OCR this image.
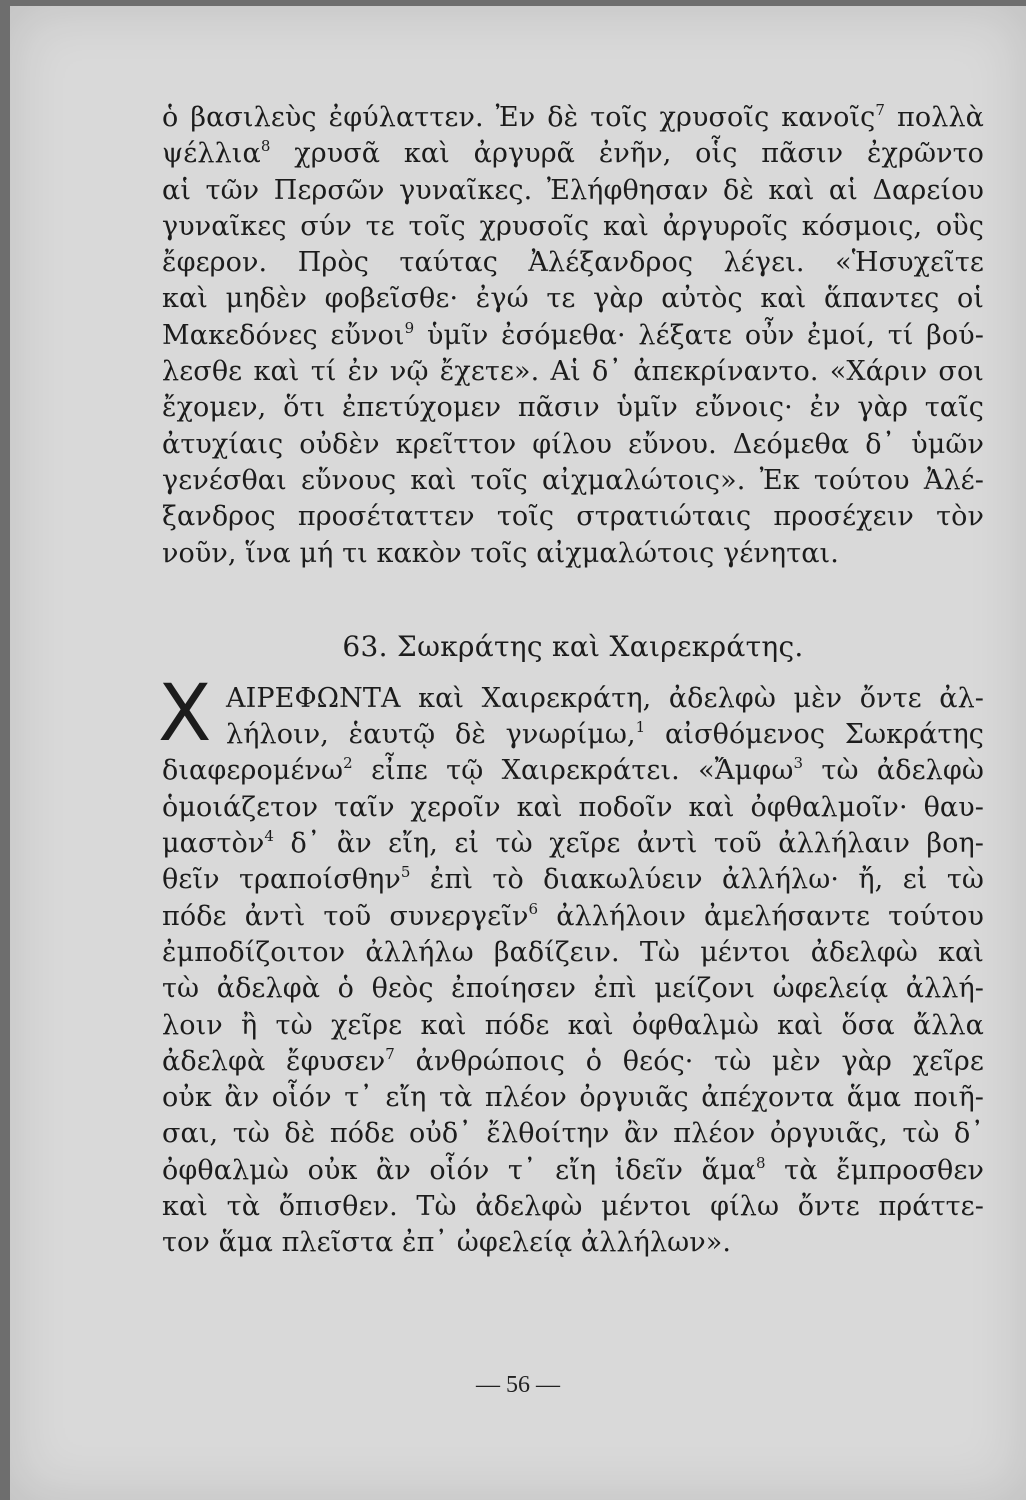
ὁ βασιλεὺς ἐφύλαττεν. Ἐν δὲ τοῖς χρυσοῖς κανοῖς$^7$ πολλὰ
ψέλλια$^8$ χρυσᾶ καὶ ἀργυρᾶ ἐνῆν, οἷς πᾶσιν ἐχρῶντο
αἱ τῶν Περσῶν γυναῖκες. Ἐλήφθησαν δὲ καὶ αἱ Δαρείου
γυναῖκες σύν τε τοῖς χρυσοῖς καὶ ἀργυροῖς κόσμοις, οὓς
ἔφερον. Πρὸς ταύτας Ἀλέξανδρος λέγει. «Ἡσυχεῖτε
καὶ μηδὲν φοβεῖσθε· ἐγώ τε γὰρ αὐτὸς καὶ ἅπαντες οἱ
Μακεδόνες εὔνοι$^9$ ὑμῖν ἐσόμεθα· λέξατε οὖν ἐμοί, τί βού-
λεσθε καὶ τί ἐν νῷ ἔχετε». Αἱ δ᾽ ἀπεκρίναντο. «Χάριν σοι
ἔχομεν, ὅτι ἐπετύχομεν πᾶσιν ὑμῖν εὔνοις· ἐν γὰρ ταῖς
ἀτυχίαις οὐδὲν κρεῖττον φίλου εὔνου. Δεόμεθα δ᾽ ὑμῶν
γενέσθαι εὔνους καὶ τοῖς αἰχμαλώτοις». Ἐκ τούτου Ἀλέ-
ξανδρος προσέταττεν τοῖς στρατιώταις προσέχειν τὸν
νοῦν, ἵνα μή τι κακὸν τοῖς αἰχμαλώτοις γένηται.
63. Σωκράτης καὶ Χαιρεκράτης.
Χ ΑΙΡΕΦΩΝΤΑ καὶ Χαιρεκράτη, ἀδελφὼ μὲν ὄντε ἀλ-
λήλοιν, ἑαυτῷ δὲ γνωρίμω,$^1$ αἰσθόμενος Σωκράτης
διαφερομένω$^2$ εἶπε τῷ Χαιρεκράτει. «Ἄμφω$^3$ τὼ ἀδελφὼ
ὁμοιάζετον ταῖν χεροῖν καὶ ποδοῖν καὶ ὀφθαλμοῖν· θαυ-
μαστὸν$^4$ δ᾽ ἂν εἴη, εἰ τὼ χεῖρε ἀντὶ τοῦ ἀλλήλαιν βοη-
θεῖν τραποίσθην$^5$ ἐπὶ τὸ διακωλύειν ἀλλήλω· ἤ, εἰ τὼ
πόδε ἀντὶ τοῦ συνεργεῖν$^6$ ἀλλήλοιν ἀμελήσαντε τούτου
ἐμποδίζοιτον ἀλλήλω βαδίζειν. Τὼ μέντοι ἀδελφὼ καὶ
τὼ ἀδελφὰ ὁ θεὸς ἐποίησεν ἐπὶ μείζονι ὠφελείᾳ ἀλλή-
λοιν ἢ τὼ χεῖρε καὶ πόδε καὶ ὀφθαλμὼ καὶ ὅσα ἄλλα
ἀδελφὰ ἔφυσεν$^7$ ἀνθρώποις ὁ θεός· τὼ μὲν γὰρ χεῖρε
οὐκ ἂν οἷόν τ᾽ εἴη τὰ πλέον ὀργυιᾶς ἀπέχοντα ἅμα ποιῆ-
σαι, τὼ δὲ πόδε οὐδ᾽ ἔλθοίτην ἂν πλέον ὀργυιᾶς, τὼ δ᾽
ὀφθαλμὼ οὐκ ἂν οἷόν τ᾽ εἴη ἰδεῖν ἅμα$^8$ τὰ ἔμπροσθεν
καὶ τὰ ὄπισθεν. Τὼ ἀδελφὼ μέντοι φίλω ὄντε πράττε-
τον ἅμα πλεῖστα ἐπ᾽ ὠφελείᾳ ἀλλήλων».
— 56 —
